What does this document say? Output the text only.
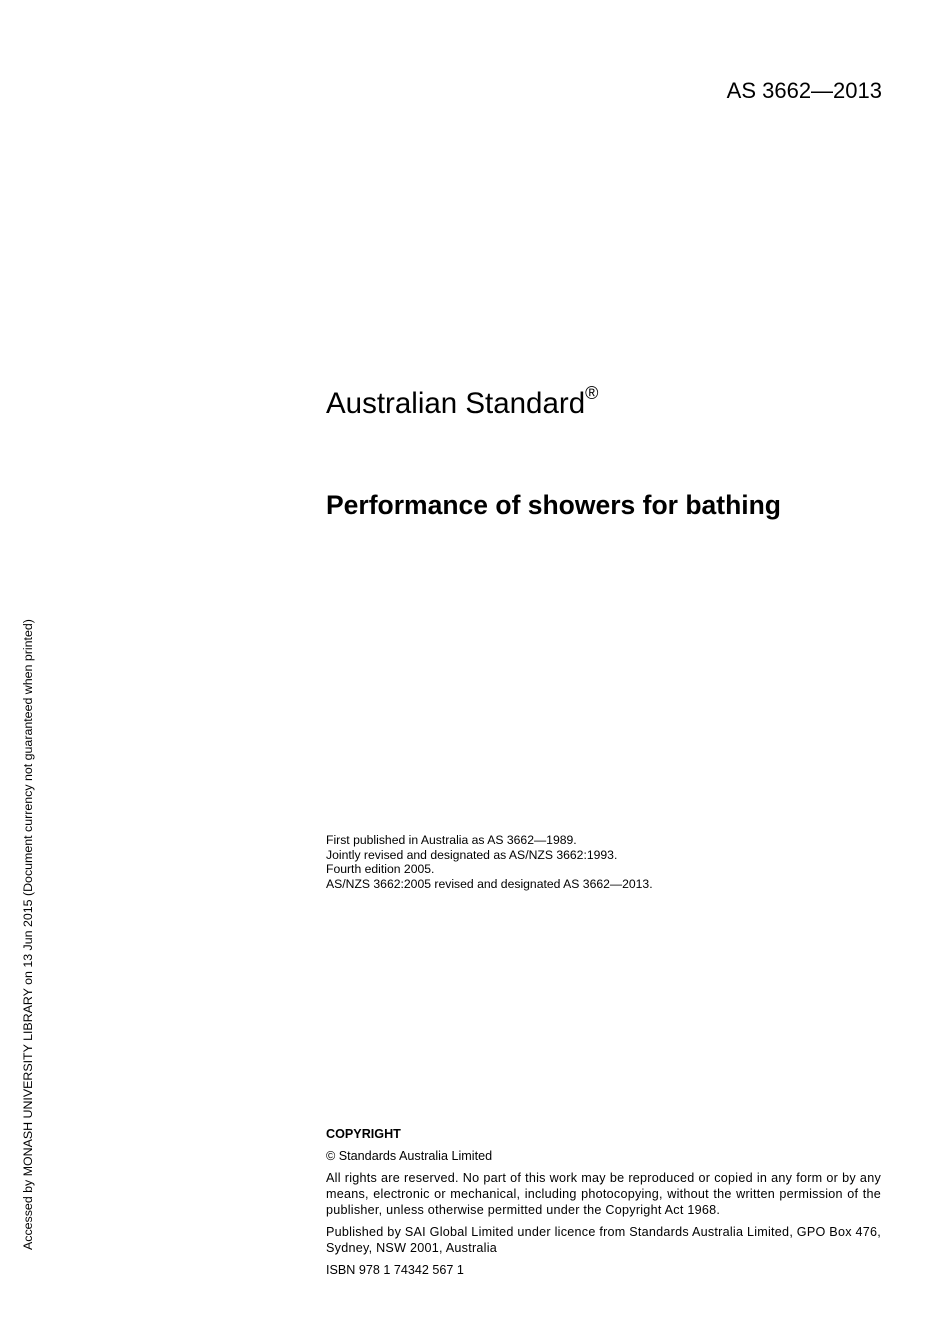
AS 3662—2013
Accessed by MONASH UNIVERSITY LIBRARY on 13 Jun 2015 (Document currency not guaranteed when printed)
Australian Standard®
Performance of showers for bathing
First published in Australia as AS 3662—1989.
Jointly revised and designated as AS/NZS 3662:1993.
Fourth edition 2005.
AS/NZS 3662:2005 revised and designated AS 3662—2013.

COPYRIGHT

© Standards Australia Limited

All rights are reserved. No part of this work may be reproduced or copied in any form or by any means, electronic or mechanical, including photocopying, without the written permission of the publisher, unless otherwise permitted under the Copyright Act 1968.

Published by SAI Global Limited under licence from Standards Australia Limited, GPO Box 476, Sydney, NSW 2001, Australia

ISBN 978 1 74342 567 1
